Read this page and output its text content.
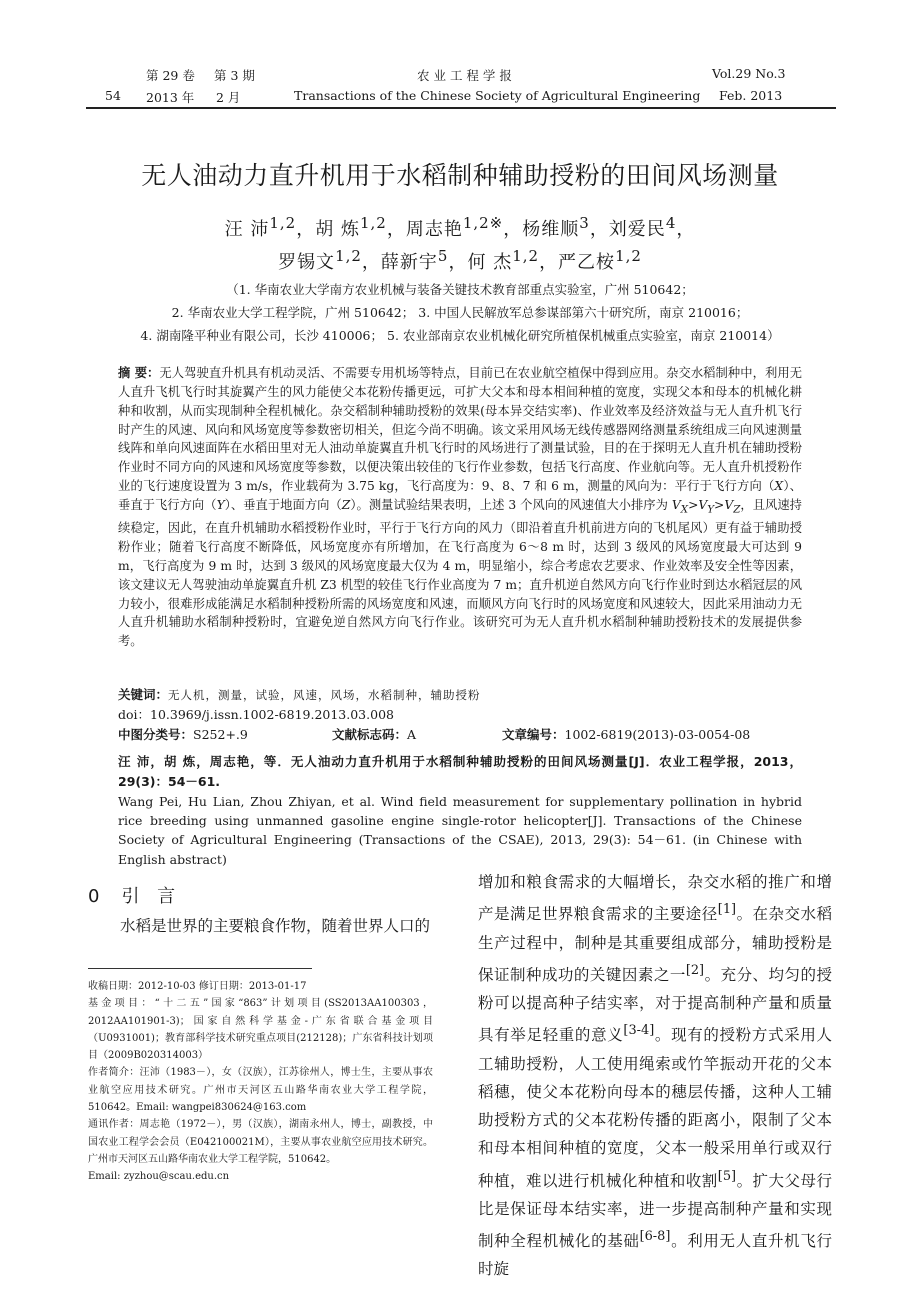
第 29 卷 第 3 期	农 业 工 程 学 报	Vol.29 No.3
54 2013 年 2 月	Transactions of the Chinese Society of Agricultural Engineering Feb. 2013
无人油动力直升机用于水稻制种辅助授粉的田间风场测量
汪 沛$^{1,2}$，胡 炼$^{1,2}$，周志艳$^{1,2※}$，杨维顺$^3$，刘爱民$^4$，
罗锡文$^{1,2}$，薛新宇$^5$，何 杰$^{1,2}$，严乙桉$^{1,2}$
（1. 华南农业大学南方农业机械与装备关键技术教育部重点实验室，广州 510642；
2. 华南农业大学工程学院，广州 510642； 3. 中国人民解放军总参谋部第六十研究所，南京 210016；
4. 湖南隆平种业有限公司，长沙 410006； 5. 农业部南京农业机械化研究所植保机械重点实验室，南京 210014）
摘 要：无人驾驶直升机具有机动灵活、不需要专用机场等特点，目前已在农业航空植保中得到应用。杂交水稻制种中，利用无人直升飞机飞行时其旋翼产生的风力能使父本花粉传播更远，可扩大父本和母本相间种植的宽度，实现父本和母本的机械化耕种和收割，从而实现制种全程机械化。杂交稻制种辅助授粉的效果(母本异交结实率)、作业效率及经济效益与无人直升机飞行时产生的风速、风向和风场宽度等参数密切相关，但迄今尚不明确。该文采用风场无线传感器网络测量系统组成三向风速测量线阵和单向风速面阵在水稻田里对无人油动单旋翼直升机飞行时的风场进行了测量试验，目的在于探明无人直升机在辅助授粉作业时不同方向的风速和风场宽度等参数，以便决策出较佳的飞行作业参数，包括飞行高度、作业航向等。无人直升机授粉作业的飞行速度设置为 3 m/s，作业载荷为 3.75 kg，飞行高度为：9、8、7 和 6 m，测量的风向为：平行于飞行方向（X）、垂直于飞行方向（Y）、垂直于地面方向（Z）。测量试验结果表明，上述 3 个风向的风速值大小排序为 $V_X>V_Y>V_Z$，且风速持续稳定，因此，在直升机辅助水稻授粉作业时，平行于飞行方向的风力（即沿着直升机前进方向的飞机尾风）更有益于辅助授粉作业；随着飞行高度不断降低，风场宽度亦有所增加，在飞行高度为 6～8 m 时，达到 3 级风的风场宽度最大可达到 9 m，飞行高度为 9 m 时，达到 3 级风的风场宽度最大仅为 4 m，明显缩小，综合考虑农艺要求、作业效率及安全性等因素，该文建议无人驾驶油动单旋翼直升机 Z3 机型的较佳飞行作业高度为 7 m；直升机逆自然风方向飞行作业时到达水稻冠层的风力较小，很难形成能满足水稻制种授粉所需的风场宽度和风速，而顺风方向飞行时的风场宽度和风速较大，因此采用油动力无人直升机辅助水稻制种授粉时，宜避免逆自然风方向飞行作业。该研究可为无人直升机水稻制种辅助授粉技术的发展提供参考。
关键词：无人机，测量，试验，风速，风场，水稻制种，辅助授粉
doi：10.3969/j.issn.1002-6819.2013.03.008
中图分类号：S252+.9	文献标志码：A	文章编号：1002-6819(2013)-03-0054-08
汪 沛，胡 炼，周志艳，等．无人油动力直升机用于水稻制种辅助授粉的田间风场测量[J]．农业工程学报，2013，29(3)：54－61.
Wang Pei, Hu Lian, Zhou Zhiyan, et al. Wind field measurement for supplementary pollination in hybrid rice breeding using unmanned gasoline engine single-rotor helicopter[J]. Transactions of the Chinese Society of Agricultural Engineering (Transactions of the CSAE), 2013, 29(3): 54－61. (in Chinese with English abstract)
0 引 言
水稻是世界的主要粮食作物，随着世界人口的
收稿日期：2012-10-03 修订日期：2013-01-17
基金项目：“十二五”国家“863”计划项目(SS2013AA100303，2012AA101901-3)；国家自然科学基金-广东省联合基金项目（U0931001)；教育部科学技术研究重点项目(212128)；广东省科技计划项目（2009B020314003）
作者简介：汪沛（1983－），女（汉族），江苏徐州人，博士生，主要从事农业航空应用技术研究。广州市天河区五山路华南农业大学工程学院，510642。Email: wangpei830624@163.com
通讯作者：周志艳（1972－），男（汉族），湖南永州人，博士，副教授，中国农业工程学会会员（E042100021M），主要从事农业航空应用技术研究。广州市天河区五山路华南农业大学工程学院，510642。
Email: zyzhou@scau.edu.cn
增加和粮食需求的大幅增长，杂交水稻的推广和增产是满足世界粮食需求的主要途径[1]。在杂交水稻生产过程中，制种是其重要组成部分，辅助授粉是保证制种成功的关键因素之一[2]。充分、均匀的授粉可以提高种子结实率，对于提高制种产量和质量具有举足轻重的意义[3-4]。现有的授粉方式采用人工辅助授粉，人工使用绳索或竹竿振动开花的父本稻穗，使父本花粉向母本的穗层传播，这种人工辅助授粉方式的父本花粉传播的距离小，限制了父本和母本相间种植的宽度，父本一般采用单行或双行种植，难以进行机械化种植和收割[5]。扩大父母行比是保证母本结实率，进一步提高制种产量和实现制种全程机械化的基础[6-8]。利用无人直升机飞行时旋
